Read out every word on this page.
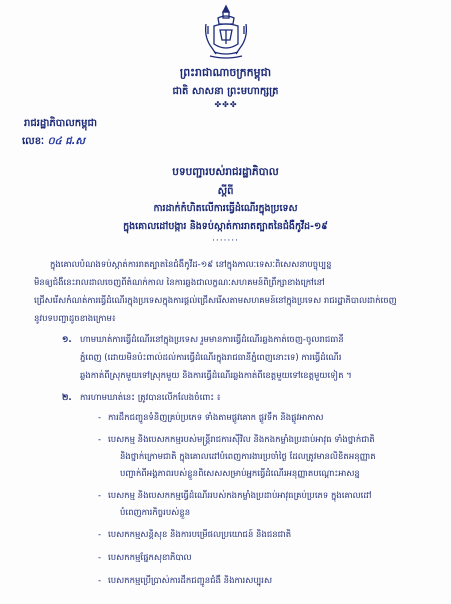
ព្រះរាជាណាចក្រកម្ពុជា
ជាតិ សាសនា ព្រះមហាក្សត្រ
✤✤✤
រាជរដ្ឋាភិបាលកម្ពុជា
លេខៈ ០៤ ជ.ស
ប​ទបញ្ជារបស់រាជរដ្ឋាភិបាល
ស្តីពី
ការដាក់​​កំហិតលើការធ្វើដំណើរក្នុងប្រទេស
ក្នុងគោលដៅបង្ការ និងទប់ស្កាត់ការរាតត្បាតនៃជំងឺកូវីដ-១៩
·······
ក្នុងគោលបំណងទប់ស្កាត់ការរាតត្បាតនៃជំងឺកូវីដ-១៩ នៅក្នុងកាលៈទេសៈពិសេសនាបច្ចុប្បន្ន
មិនឲ្យជំងឺនេះរាលដាលចេញពីតំណក់កាល នៃការឆ្លងជាលក្ខណៈសហគមន៍ពិព្រឹក្សាខាងក្រៅនៅ
ជ្រើសរើសកំណត់ការធ្វើដំណើរក្នុងប្រទេសក្នុងការផ្តល់ជ្រើសរើសតាមសហគមន៍នៅក្នុងប្រទេស រាជរដ្ឋាភិបាលដាក់ចេញ
នូវបទបញ្ជាដូចខាងក្រោម៖
១. ហាមឃាត់ការធ្វើដំណើរនៅក្នុងប្រទេស រួមមានការធ្វើដំណើរឆ្លងកាត់ចេញ-ចូលរាជធានី
ភ្នំពេញ (ដោយមិនប៉ះពាល់ដល់ការធ្វើដំណើរក្នុងរាជធានីភ្នំពេញនោះទេ) ការធ្វើដំណើរ
ឆ្លងកាត់ពីស្រុកមួយទៅស្រុកមួយ និងការធ្វើដំណើរឆ្លងកាត់ពីខេត្តមួយទៅខេត្តមួយទៀត ។
២. ការហាមឃាត់នេះ ត្រូវបានលើកលែងចំពោះ ៖
- ការដឹកជញ្ជូនទំនិញគ្រប់ប្រភេទ ទាំងតាមផ្លូវគោក ផ្លូវទឹក និងផ្លូវអាកាស
- បេសកម្ម និងបេសកកម្មរបស់មន្ត្រីរាជការស៊ីវិល និងកងកម្លាំងប្រដាប់អាវុធ ទាំងថ្នាក់ជាតិ
និងថ្នាក់ក្រោមជាតិ ក្នុងគោលដៅបំពេញការងារប្រចាំថ្ងៃ ដែលត្រូវមានលិខិតអនុញ្ញាត
បញ្ជាក់ពីអង្គភាពរបស់ខ្លួនពិសេសសម្រាប់អ្នកធ្វើដំណើរអនុញ្ញាតបណ្តោះអាសន្ន
- បេសកម្ម និងបេសកកម្មធ្វើដំណើររបស់កងកម្លាំងប្រដាប់អាវុធគ្រប់ប្រភេទ ក្នុងគោលដៅ
បំពេញការកិច្ចរបស់ខ្លួន
- បេសកកម្មសន្តិសុខ និងការបម្រើផលប្រយោជន៍ និងជនជាតិ
- បេសកកម្មផ្នែកសុខាភិបាល
- បេសកកម្មប្រើប្រាស់ការដឹកជញ្ជូនជំងឺ និងការសប្បុរស
